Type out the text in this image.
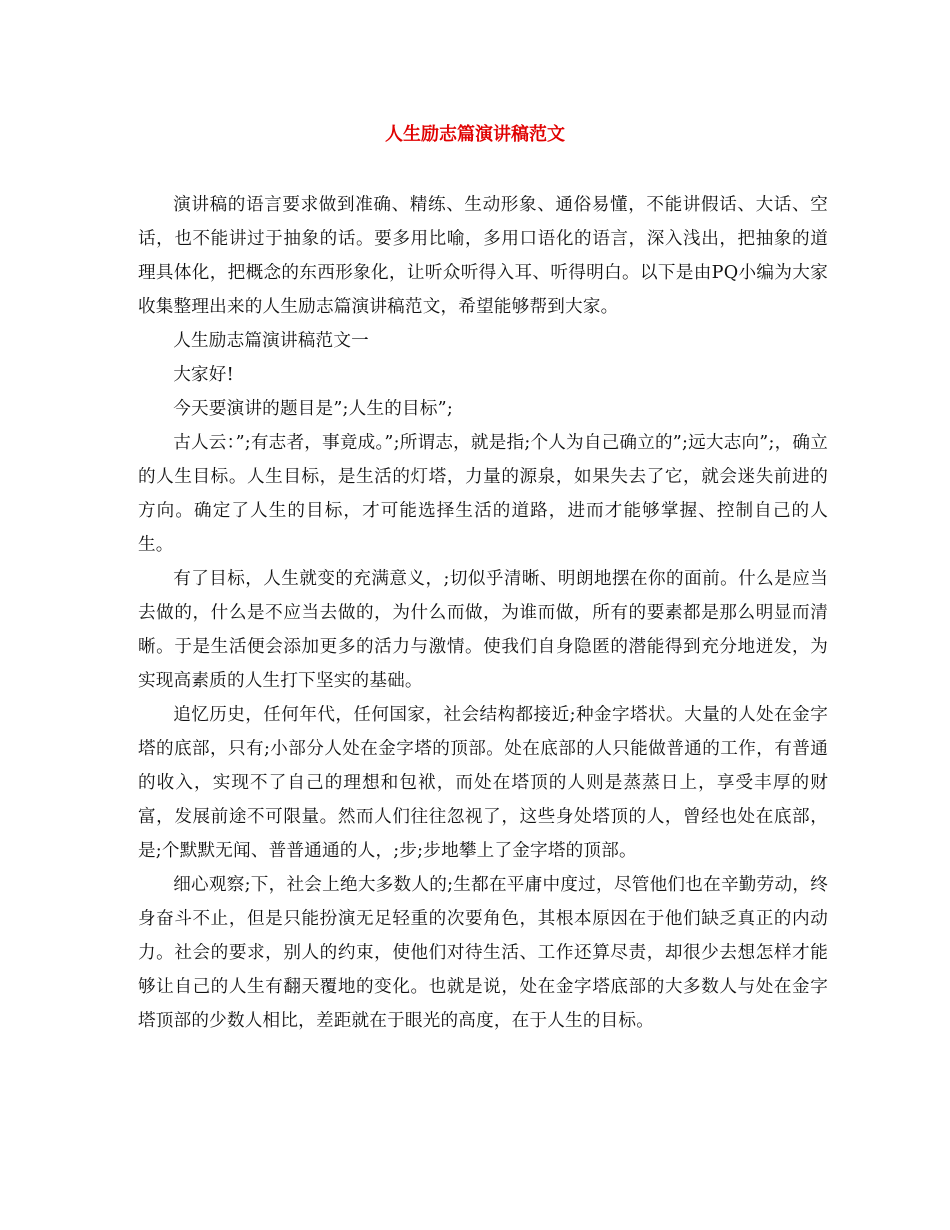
人生励志篇演讲稿范文

演讲稿的语言要求做到准确、精练、生动形象、通俗易懂，不能讲假话、大话、空话，也不能讲过于抽象的话。要多用比喻，多用口语化的语言，深入浅出，把抽象的道理具体化，把概念的东西形象化，让听众听得入耳、听得明白。以下是由PQ小编为大家收集整理出来的人生励志篇演讲稿范文，希望能够帮到大家。

人生励志篇演讲稿范文一

大家好!

今天要演讲的题目是”;人生的目标”;

古人云：”;有志者，事竟成。”;所谓志，就是指;个人为自己确立的”;远大志向”;，确立的人生目标。人生目标，是生活的灯塔，力量的源泉，如果失去了它，就会迷失前进的方向。确定了人生的目标，才可能选择生活的道路，进而才能够掌握、控制自己的人生。

有了目标，人生就变的充满意义，;切似乎清晰、明朗地摆在你的面前。什么是应当去做的，什么是不应当去做的，为什么而做，为谁而做，所有的要素都是那么明显而清晰。于是生活便会添加更多的活力与激情。使我们自身隐匿的潜能得到充分地迸发，为实现高素质的人生打下坚实的基础。

追忆历史，任何年代，任何国家，社会结构都接近;种金字塔状。大量的人处在金字塔的底部，只有;小部分人处在金字塔的顶部。处在底部的人只能做普通的工作，有普通的收入，实现不了自己的理想和包袱，而处在塔顶的人则是蒸蒸日上，享受丰厚的财富，发展前途不可限量。然而人们往往忽视了，这些身处塔顶的人，曾经也处在底部，是;个默默无闻、普普通通的人，;步;步地攀上了金字塔的顶部。

细心观察;下，社会上绝大多数人的;生都在平庸中度过，尽管他们也在辛勤劳动，终身奋斗不止，但是只能扮演无足轻重的次要角色，其根本原因在于他们缺乏真正的内动力。社会的要求，别人的约束，使他们对待生活、工作还算尽责，却很少去想怎样才能够让自己的人生有翻天覆地的变化。也就是说，处在金字塔底部的大多数人与处在金字塔顶部的少数人相比，差距就在于眼光的高度，在于人生的目标。
